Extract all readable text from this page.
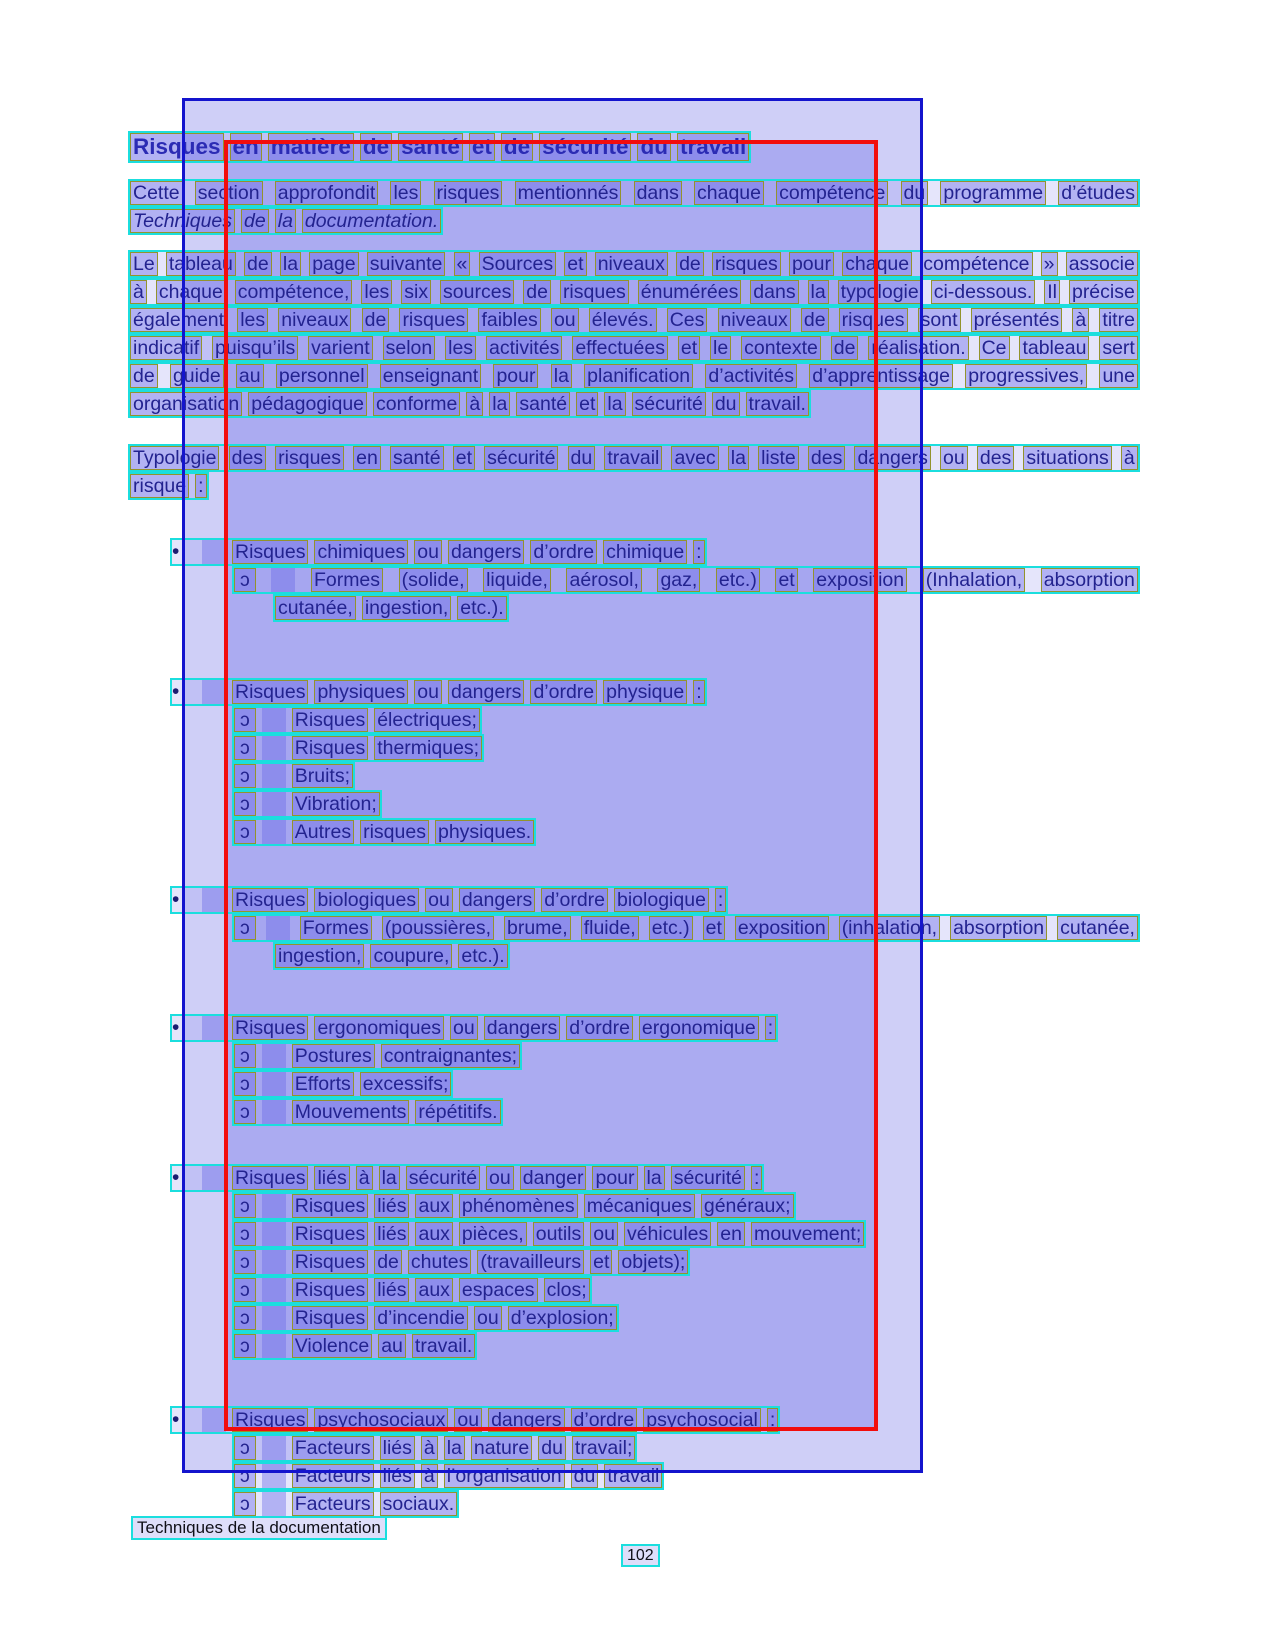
Risques en matière de santé et de sécurité du travail
Cette section approfondit les risques mentionnés dans chaque compétence du programme d’études
Techniques de la documentation.
Le tableau de la page suivante « Sources et niveaux de risques pour chaque compétence » associe
à chaque compétence, les six sources de risques énumérées dans la typologie ci-dessous. Il précise
également les niveaux de risques faibles ou élevés. Ces niveaux de risques sont présentés à titre
indicatif puisqu’ils varient selon les activités effectuées et le contexte de réalisation. Ce tableau sert
de guide au personnel enseignant pour la planification d’activités d’apprentissage progressives, une
organisation pédagogique conforme à la santé et la sécurité du travail.
Typologie des risques en santé et sécurité du travail avec la liste des dangers ou des situations à
risque :
•	Risques chimiques ou dangers d’ordre chimique :
ɔ	Formes (solide, liquide, aérosol, gaz, etc.) et exposition (Inhalation, absorption
cutanée, ingestion, etc.).
•	Risques physiques ou dangers d’ordre physique :
ɔ	Risques électriques;
ɔ	Risques thermiques;
ɔ	Bruits;
ɔ	Vibration;
ɔ	Autres risques physiques.
•	Risques biologiques ou dangers d’ordre biologique :
ɔ	Formes (poussières, brume, fluide, etc.) et exposition (inhalation, absorption cutanée,
ingestion, coupure, etc.).
•	Risques ergonomiques ou dangers d’ordre ergonomique :
ɔ	Postures contraignantes;
ɔ	Efforts excessifs;
ɔ	Mouvements répétitifs.
•	Risques liés à la sécurité ou danger pour la sécurité :
ɔ	Risques liés aux phénomènes mécaniques généraux;
ɔ	Risques liés aux pièces, outils ou véhicules en mouvement;
ɔ	Risques de chutes (travailleurs et objets);
ɔ	Risques liés aux espaces clos;
ɔ	Risques d’incendie ou d’explosion;
ɔ	Violence au travail.
•	Risques psychosociaux ou dangers d’ordre psychosocial :
ɔ	Facteurs liés à la nature du travail;
ɔ	Facteurs liés à l’organisation du travail
ɔ	Facteurs sociaux.
Techniques de la documentation
102
